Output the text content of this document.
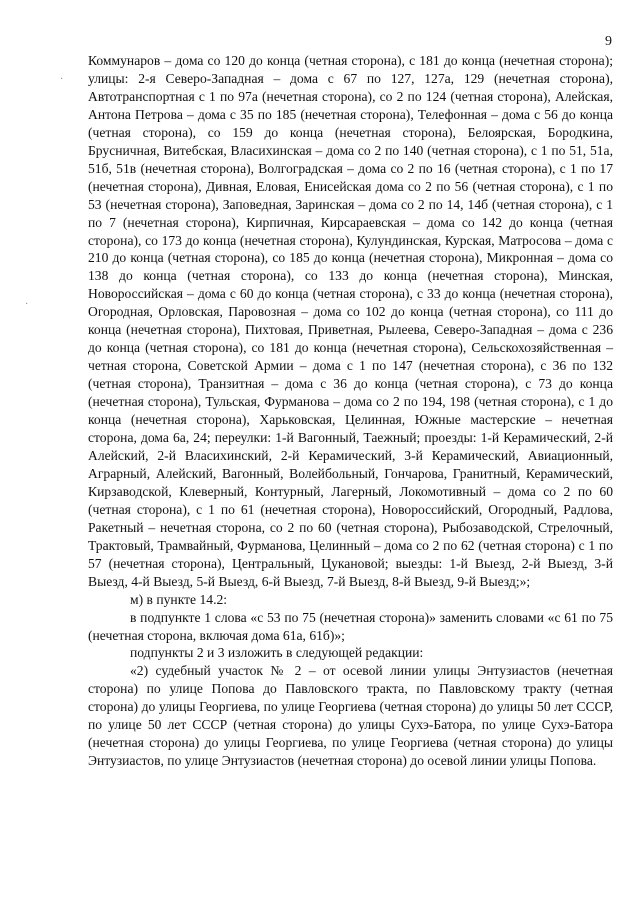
9
·
·

Коммунаров – дома со 120 до конца (четная сторона), с 181 до конца (нечетная сторона); улицы: 2-я Северо-Западная – дома с 67 по 127, 127а, 129 (нечетная сторона), Автотранспортная с 1 по 97а (нечетная сторона), со 2 по 124 (четная сторона), Алейская, Антона Петрова – дома с 35 по 185 (нечетная сторона), Телефонная – дома с 56 до конца (четная сторона), со 159 до конца (нечетная сторона), Белоярская, Бородкина, Брусничная, Витебская, Власихинская – дома со 2 по 140 (четная сторона), с 1 по 51, 51а, 51б, 51в (нечетная сторона), Волгоградская – дома со 2 по 16 (четная сторона), с 1 по 17 (нечетная сторона), Дивная, Еловая, Енисейская дома со 2 по 56 (четная сторона), с 1 по 53 (нечетная сторона), Заповедная, Заринская – дома со 2 по 14, 14б (четная сторона), с 1 по 7 (нечетная сторона), Кирпичная, Кирсараевская – дома со 142 до конца (четная сторона), со 173 до конца (нечетная сторона), Кулундинская, Курская, Матросова – дома с 210 до конца (четная сторона), со 185 до конца (нечетная сторона), Микронная – дома со 138 до конца (четная сторона), со 133 до конца (нечетная сторона), Минская, Новороссийская – дома с 60 до конца (четная сторона), с 33 до конца (нечетная сторона), Огородная, Орловская, Паровозная – дома со 102 до конца (четная сторона), со 111 до конца (нечетная сторона), Пихтовая, Приветная, Рылеева, Северо-Западная – дома с 236 до конца (четная сторона), со 181 до конца (нечетная сторона), Сельскохозяйственная – четная сторона, Советской Армии – дома с 1 по 147 (нечетная сторона), с 36 по 132 (четная сторона), Транзитная – дома с 36 до конца (четная сторона), с 73 до конца (нечетная сторона), Тульская, Фурманова – дома со 2 по 194, 198 (четная сторона), с 1 до конца (нечетная сторона), Харьковская, Целинная, Южные мастерские – нечетная сторона, дома 6а, 24; переулки: 1-й Вагонный, Таежный; проезды: 1-й Керамический, 2-й Алейский, 2-й Власихинский, 2-й Керамический, 3-й Керамический, Авиационный, Аграрный, Алейский, Вагонный, Волейбольный, Гончарова, Гранитный, Керамический, Кирзаводской, Клеверный, Контурный, Лагерный, Локомотивный – дома со 2 по 60 (четная сторона), с 1 по 61 (нечетная сторона), Новороссийский, Огородный, Радлова, Ракетный – нечетная сторона, со 2 по 60 (четная сторона), Рыбозаводской, Стрелочный, Трактовый, Трамвайный, Фурманова, Целинный – дома со 2 по 62 (четная сторона) с 1 по 57 (нечетная сторона), Центральный, Цукановой; выезды: 1-й Выезд, 2-й Выезд, 3-й Выезд, 4-й Выезд, 5-й Выезд, 6-й Выезд, 7-й Выезд, 8-й Выезд, 9-й Выезд;»;

м) в пункте 14.2:

в подпункте 1 слова «с 53 по 75 (нечетная сторона)» заменить словами «с 61 по 75 (нечетная сторона, включая дома 61а, 61б)»;

подпункты 2 и 3 изложить в следующей редакции:

«2) судебный участок № 2 – от осевой линии улицы Энтузиастов (нечетная сторона) по улице Попова до Павловского тракта, по Павловскому тракту (четная сторона) до улицы Георгиева, по улице Георгиева (четная сторона) до улицы 50 лет СССР, по улице 50 лет СССР (четная сторона) до улицы Сухэ-Батора, по улице Сухэ-Батора (нечетная сторона) до улицы Георгиева, по улице Георгиева (четная сторона) до улицы Энтузиастов, по улице Энтузиастов (нечетная сторона) до осевой линии улицы Попова.
